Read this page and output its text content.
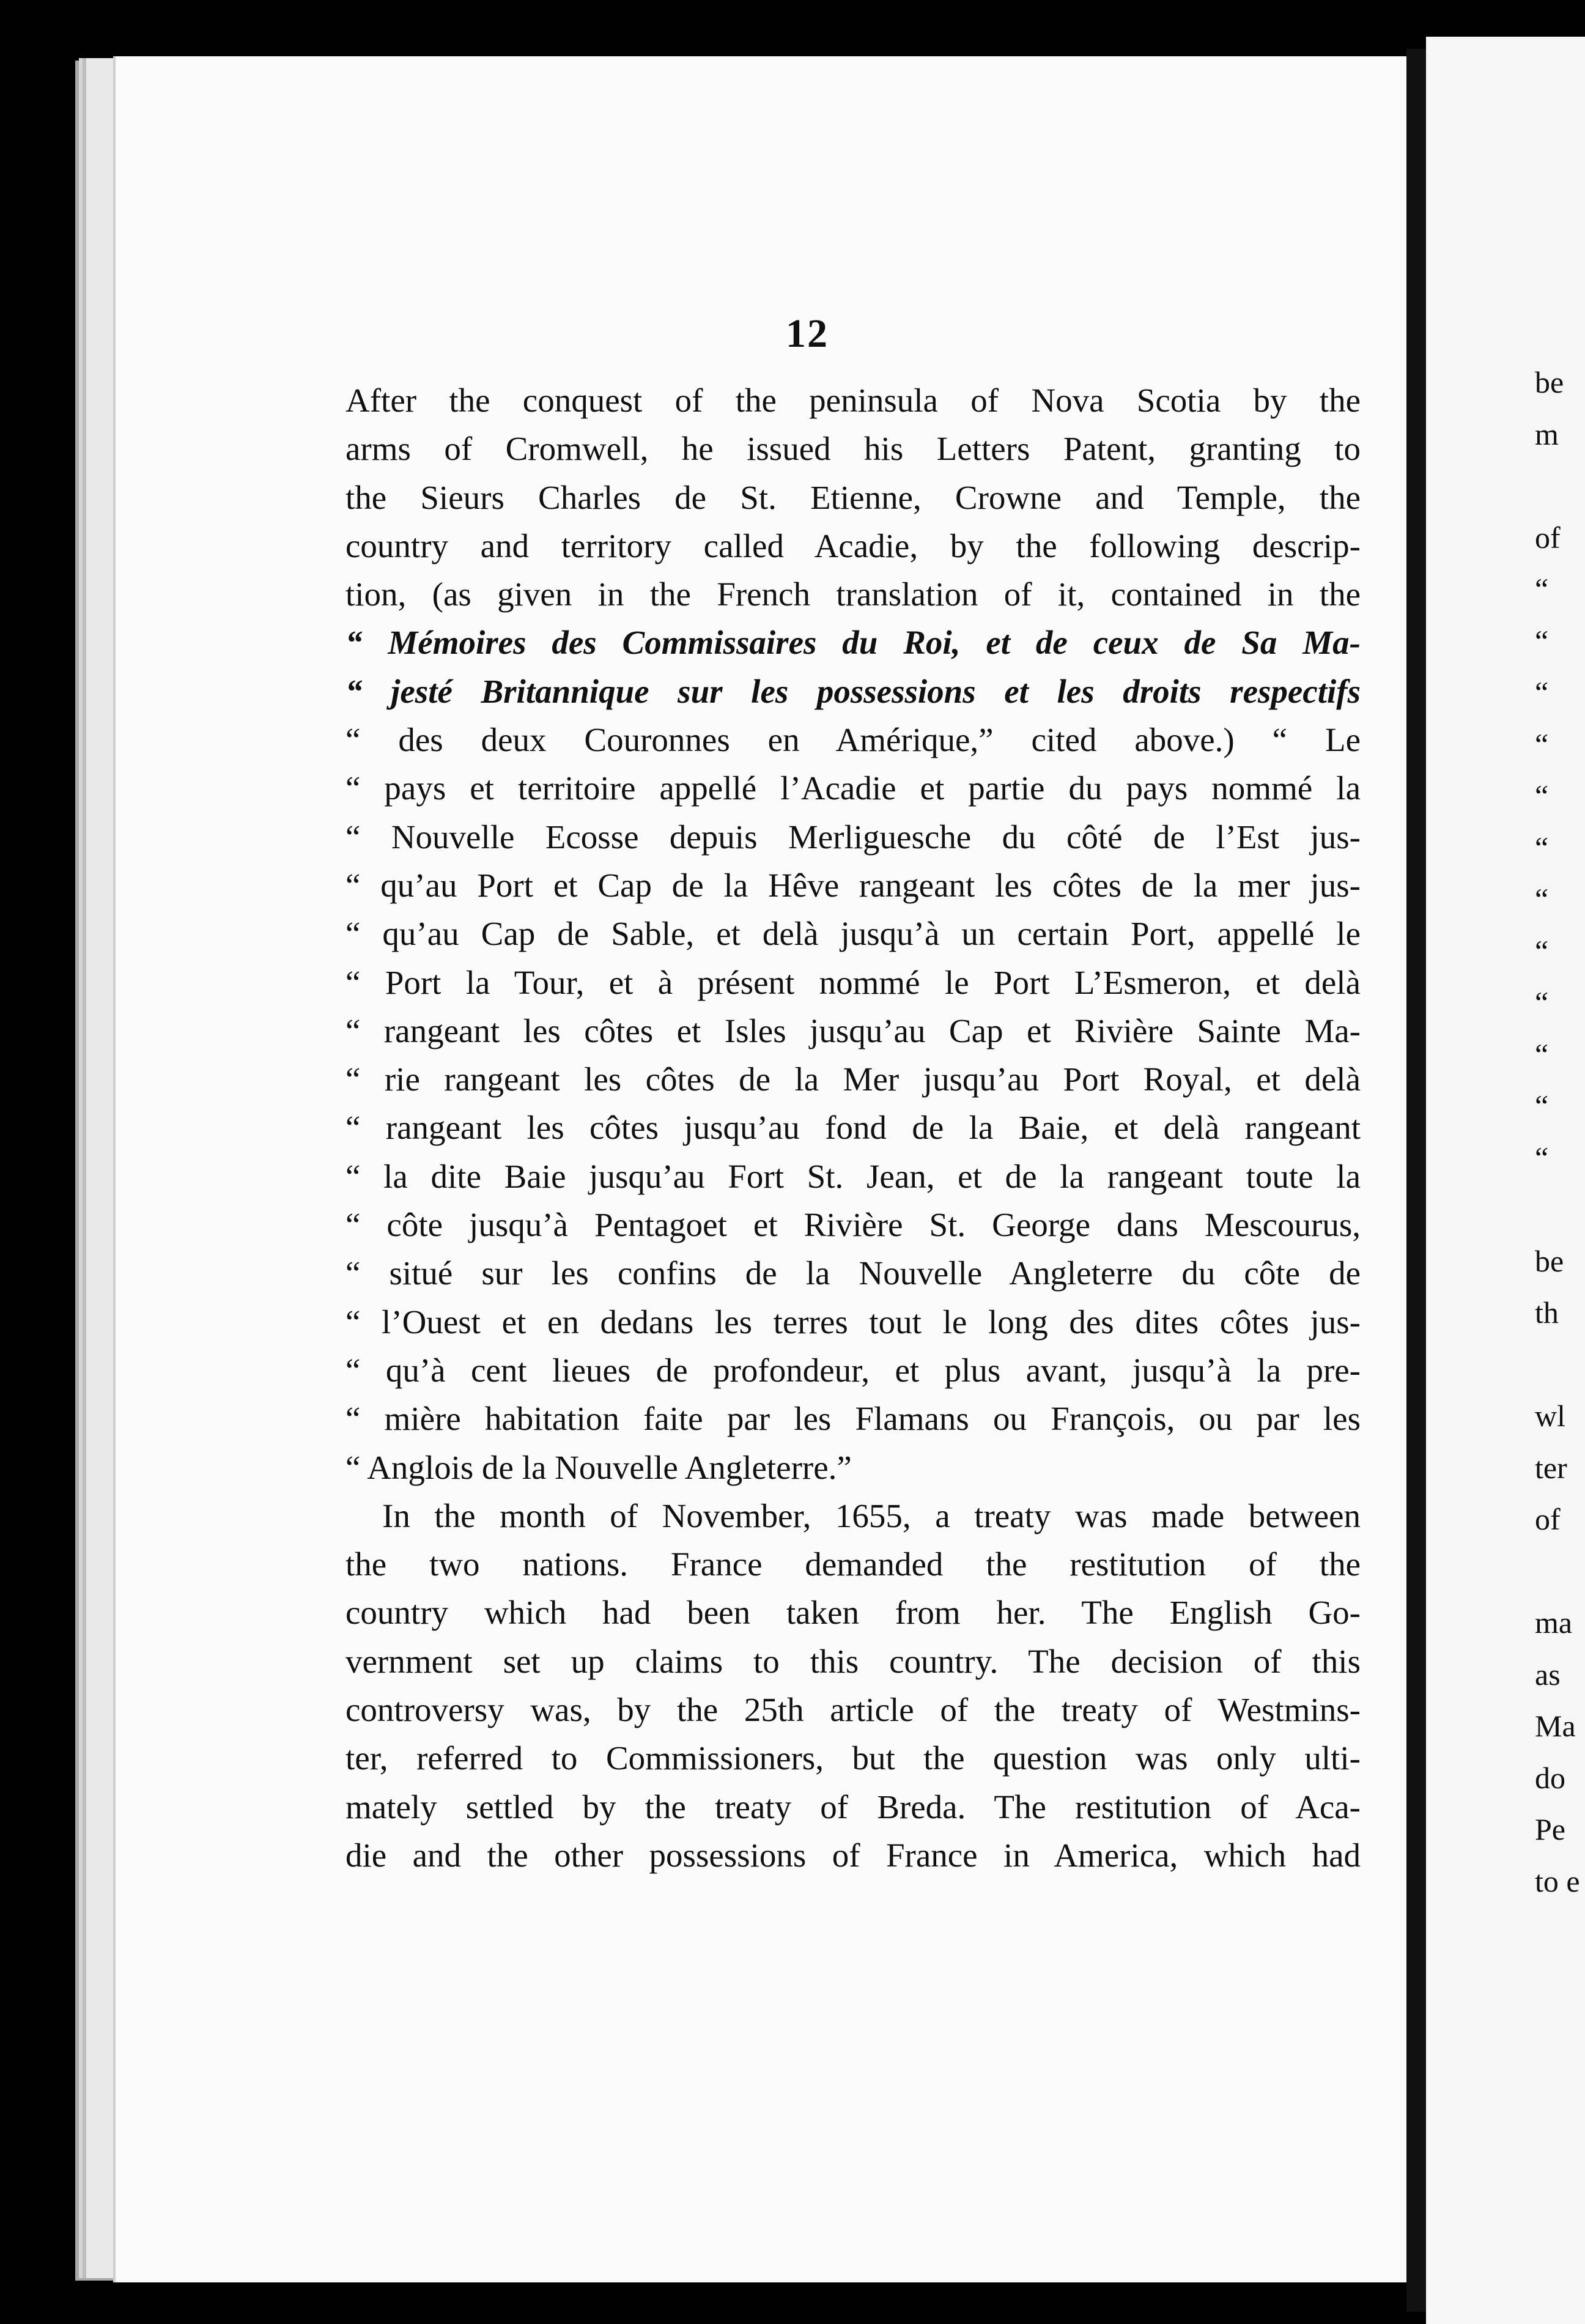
be
m
of
“
“
“
“
“
“
“
“
“
“
“
“
be
th
wl
ter
of
ma
as
Ma
do
Pe
to e
12
After the conquest of the peninsula of Nova Scotia by the
arms of Cromwell, he issued his Letters Patent, granting to
the Sieurs Charles de St. Etienne, Crowne and Temple, the
country and territory called Acadie, by the following descrip-
tion, (as given in the French translation of it, contained in the
“ Mémoires des Commissaires du Roi, et de ceux de Sa Ma-
“ jesté Britannique sur les possessions et les droits respectifs
“ des deux Couronnes en Amérique,” cited above.) “ Le
“ pays et territoire appellé l’Acadie et partie du pays nommé la
“ Nouvelle Ecosse depuis Merliguesche du côté de l’Est jus-
“ qu’au Port et Cap de la Hêve rangeant les côtes de la mer jus-
“ qu’au Cap de Sable, et delà jusqu’à un certain Port, appellé le
“ Port la Tour, et à présent nommé le Port L’Esmeron, et delà
“ rangeant les côtes et Isles jusqu’au Cap et Rivière Sainte Ma-
“ rie rangeant les côtes de la Mer jusqu’au Port Royal, et delà
“ rangeant les côtes jusqu’au fond de la Baie, et delà rangeant
“ la dite Baie jusqu’au Fort St. Jean, et de la rangeant toute la
“ côte jusqu’à Pentagoet et Rivière St. George dans Mescourus,
“ situé sur les confins de la Nouvelle Angleterre du côte de
“ l’Ouest et en dedans les terres tout le long des dites côtes jus-
“ qu’à cent lieues de profondeur, et plus avant, jusqu’à la pre-
“ mière habitation faite par les Flamans ou François, ou par les
“ Anglois de la Nouvelle Angleterre.”
In the month of November, 1655, a treaty was made between
the two nations. France demanded the restitution of the
country which had been taken from her. The English Go-
vernment set up claims to this country. The decision of this
controversy was, by the 25th article of the treaty of Westmins-
ter, referred to Commissioners, but the question was only ulti-
mately settled by the treaty of Breda. The restitution of Aca-
die and the other possessions of France in America, which had
